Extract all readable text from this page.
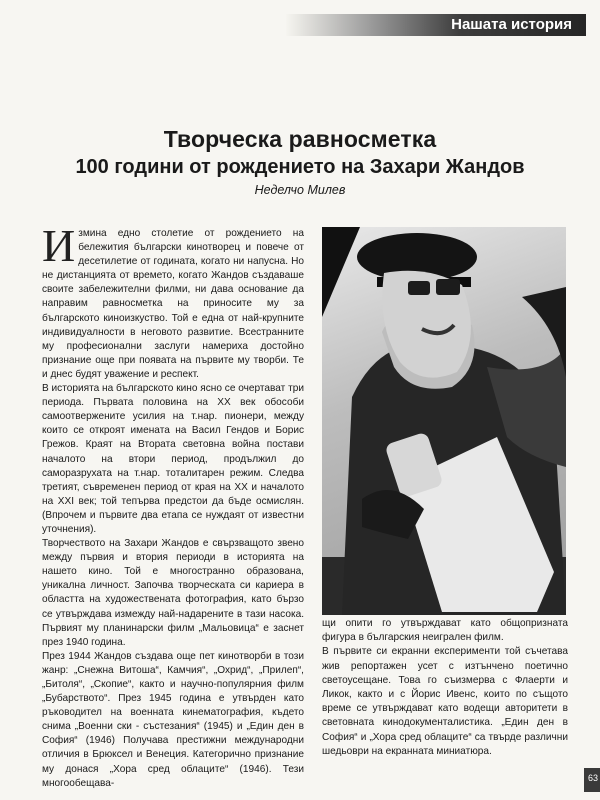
Нашата история
Творческа равносметка
100 години от рождението на Захари Жандов
Неделчо Милев

Измина едно столетие от рождението на бележития български кинотворец и повече от десетилетие от годината, когато ни напусна. Но не дистанцията от времето, когато Жандов създаваше своите забележителни филми, ни дава основание да направим равносметка на приносите му за българското киноизкуство. Той е една от най-крупните индивидуалности в неговото развитие. Всестранните му професионални заслуги намериха достойно признание още при появата на първите му творби. Те и днес будят уважение и респект.

В историята на българското кино ясно се очертават три периода. Първата половина на XX век обособи самоотвержените усилия на т.нар. пионери, между които се откроят имената на Васил Гендов и Борис Грежов. Краят на Втората световна война постави началото на втори период, продължил до саморазрухата на т.нар. тоталитарен режим. Следва третият, съвременен период от края на XX и началото на XXI век; той тепърва предстои да бъде осмислян. (Впрочем и първите два етапа се нуждаят от известни уточнения).

Творчеството на Захари Жандов е свързващото звено между първия и втория периоди в историята на нашето кино. Той е многостранно образована, уникална личност. Започва творческата си кариера в областта на художествената фотография, като бързо се утвърждава измежду най-надарените в тази насока. Първият му планинарски филм „Мальовица“ е заснет през 1940 година.

През 1944 Жандов създава още пет кинотворби в този жанр: „Снежна Витоша“, Камчия“, „Охрид“, „Прилеп“, „Битоля“, „Скопие“, както и научно-популярния филм „Бубарството“. През 1945 година е утвърден като ръководител на военната кинематография, където снима „Военни ски - състезания“ (1945) и „Един ден в София“ (1946) Получава престижни международни отличия в Брюксел и Венеция. Категорично признание му донася „Хора сред облаците“ (1946). Тези многообещава-

щи опити го утвърждават като общопризната фигура в българския неигрален филм.

В първите си екранни експерименти той съчетава жив репортажен усет с изтънчено поетично светоусещане. Това го съизмерва с Флаерти и Ликок, както и с Йорис Ивенс, които по същото време се утвърждават като водещи авторитети в световната кинодокументалистика. „Един ден в София“ и „Хора сред облаците“ са твърде различни шедьоври на екранната миниатюра.

63
